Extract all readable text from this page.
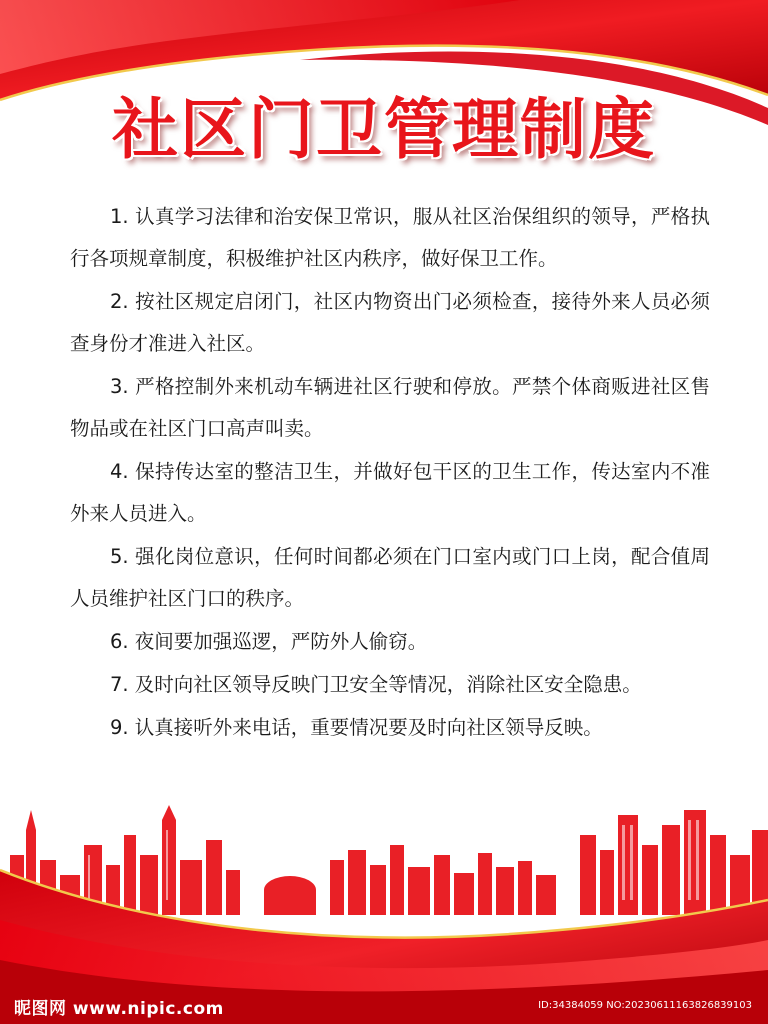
社区门卫管理制度

1. 认真学习法律和治安保卫常识，服从社区治保组织的领导，严格执行各项规章制度，积极维护社区内秩序，做好保卫工作。

2. 按社区规定启闭门，社区内物资出门必须检查，接待外来人员必须查身份才准进入社区。

3. 严格控制外来机动车辆进社区行驶和停放。严禁个体商贩进社区售物品或在社区门口高声叫卖。

4. 保持传达室的整洁卫生，并做好包干区的卫生工作，传达室内不准外来人员进入。

5. 强化岗位意识，任何时间都必须在门口室内或门口上岗，配合值周人员维护社区门口的秩序。

6. 夜间要加强巡逻，严防外人偷窃。

7. 及时向社区领导反映门卫安全等情况，消除社区安全隐患。

9. 认真接听外来电话，重要情况要及时向社区领导反映。

昵图网 www.nipic.com	ID:34384059 NO:20230611163826839103
